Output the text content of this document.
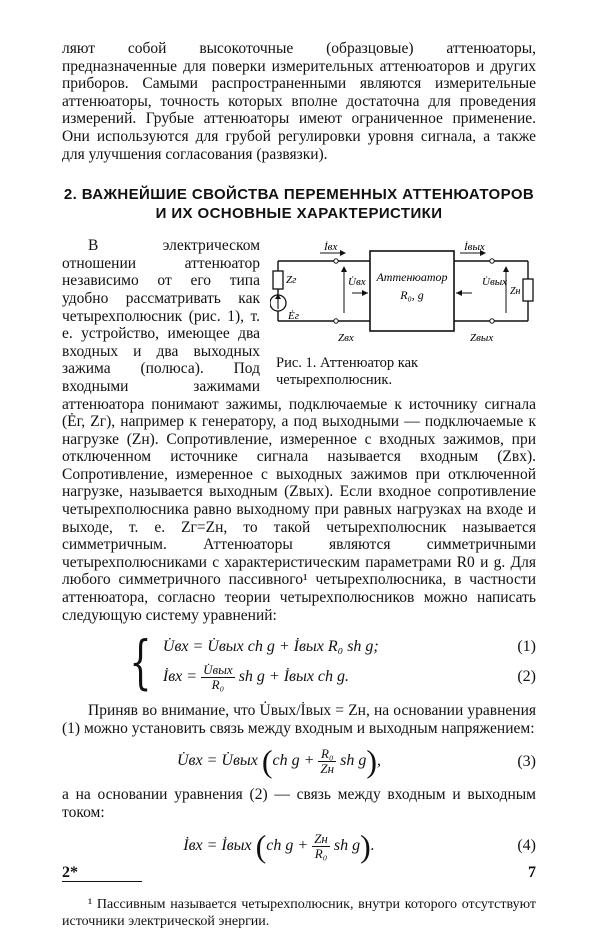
ляют собой высокоточные (образцовые) аттенюаторы, предназначенные для поверки измерительных аттенюаторов и других приборов. Самыми распространенными являются измерительные аттенюаторы, точность которых вполне достаточна для проведения измерений. Грубые аттенюаторы имеют ограниченное применение. Они используются для грубой регулировки уровня сигнала, а также для улучшения согласования (развязки).

2. ВАЖНЕЙШИЕ СВОЙСТВА ПЕРЕМЕННЫХ АТТЕНЮАТОРОВ
И ИХ ОСНОВНЫЕ ХАРАКТЕРИСТИКИ
İвх	İвых
U̇вх	U̇вых
Zг
Ėг
Zн
Zвх	Zвых
Аттенюатор
R₀, g

Рис. 1. Аттенюатор как четырехполюсник.

В электрическом отношении аттенюатор независимо от его типа удобно рассматривать как четырехполюсник (рис. 1), т. е. устройство, имеющее два входных и два выходных зажима (полюса). Под входными зажимами аттенюатора понимают зажимы, подключаемые к источнику сигнала (Ėг, Zг), например к генератору, а под выходными — подключаемые к нагрузке (Zн). Сопротивление, измеренное с входных зажимов, при отключенном источнике сигнала называется входным (Zвх). Сопротивление, измеренное с выходных зажимов при отключенной нагрузке, называется выходным (Zвых). Если входное сопротивление четырехполюсника равно выходному при равных нагрузках на входе и выходе, т. е. Zг=Zн, то такой четырехполюсник называется симметричным. Аттенюаторы являются симметричными четырехполюсниками с характеристическим параметрами R0 и g. Для любого симметричного пассивного¹ четырехполюсника, в частности аттенюатора, согласно теории четырехполюсников можно написать следующую систему уравнений:

{ U̇вх = U̇вых ch g + İвых R₀ sh g;	(1)
İвх = $\frac{\text{U̇вых}}{\text{R₀}}$ sh g + İвых ch g.	(2)

Приняв во внимание, что U̇вых/İвых = Zн, на основании уравнения (1) можно установить связь между входным и выходным напряжением:

U̇вх = U̇вых (ch $g + \frac{\text{R₀}}{Zн}$ sh g),	(3)

а на основании уравнения (2) — связь между входным и выходным током:

İвх = İвых (ch $g + \frac{Zн}{\text{R₀}}$ sh g).	(4)

¹ Пассивным называется четырехполюсник, внутри которого отсутствуют источники электрической энергии.

2*	7
